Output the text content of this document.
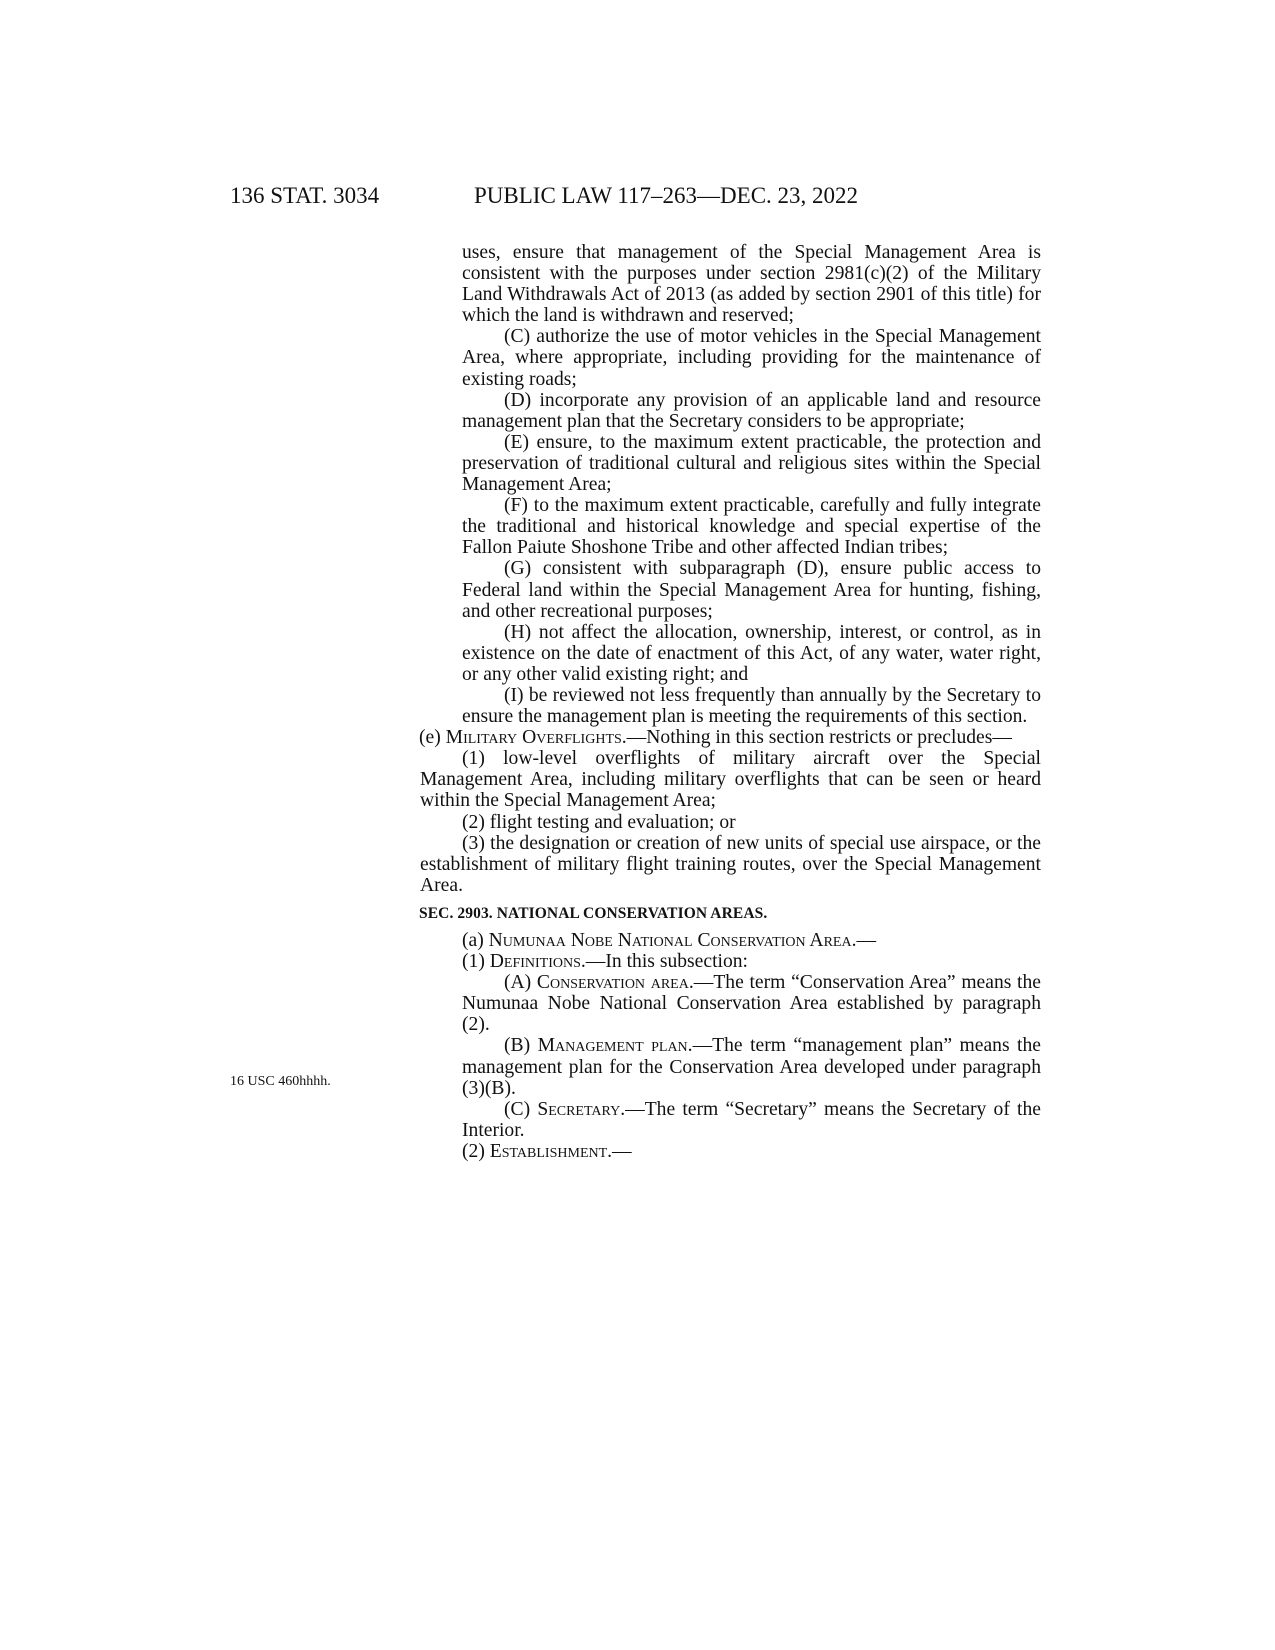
136 STAT. 3034	PUBLIC LAW 117–263—DEC. 23, 2022
16 USC 460hhhh.

uses, ensure that management of the Special Management Area is consistent with the purposes under section 2981(c)(2) of the Military Land Withdrawals Act of 2013 (as added by section 2901 of this title) for which the land is withdrawn and reserved;

(C) authorize the use of motor vehicles in the Special Management Area, where appropriate, including providing for the maintenance of existing roads;

(D) incorporate any provision of an applicable land and resource management plan that the Secretary considers to be appropriate;

(E) ensure, to the maximum extent practicable, the protection and preservation of traditional cultural and religious sites within the Special Management Area;

(F) to the maximum extent practicable, carefully and fully integrate the traditional and historical knowledge and special expertise of the Fallon Paiute Shoshone Tribe and other affected Indian tribes;

(G) consistent with subparagraph (D), ensure public access to Federal land within the Special Management Area for hunting, fishing, and other recreational purposes;

(H) not affect the allocation, ownership, interest, or control, as in existence on the date of enactment of this Act, of any water, water right, or any other valid existing right; and

(I) be reviewed not less frequently than annually by the Secretary to ensure the management plan is meeting the requirements of this section.

(e) Military Overflights.—Nothing in this section restricts or precludes—

(1) low-level overflights of military aircraft over the Special Management Area, including military overflights that can be seen or heard within the Special Management Area;

(2) flight testing and evaluation; or

(3) the designation or creation of new units of special use airspace, or the establishment of military flight training routes, over the Special Management Area.

SEC. 2903. NATIONAL CONSERVATION AREAS.

(a) Numunaa Nobe National Conservation Area.—

(1) Definitions.—In this subsection:

(A) Conservation area.—The term “Conservation Area” means the Numunaa Nobe National Conservation Area established by paragraph (2).

(B) Management plan.—The term “management plan” means the management plan for the Conservation Area developed under paragraph (3)(B).

(C) Secretary.—The term “Secretary” means the Secretary of the Interior.

(2) Establishment.—
